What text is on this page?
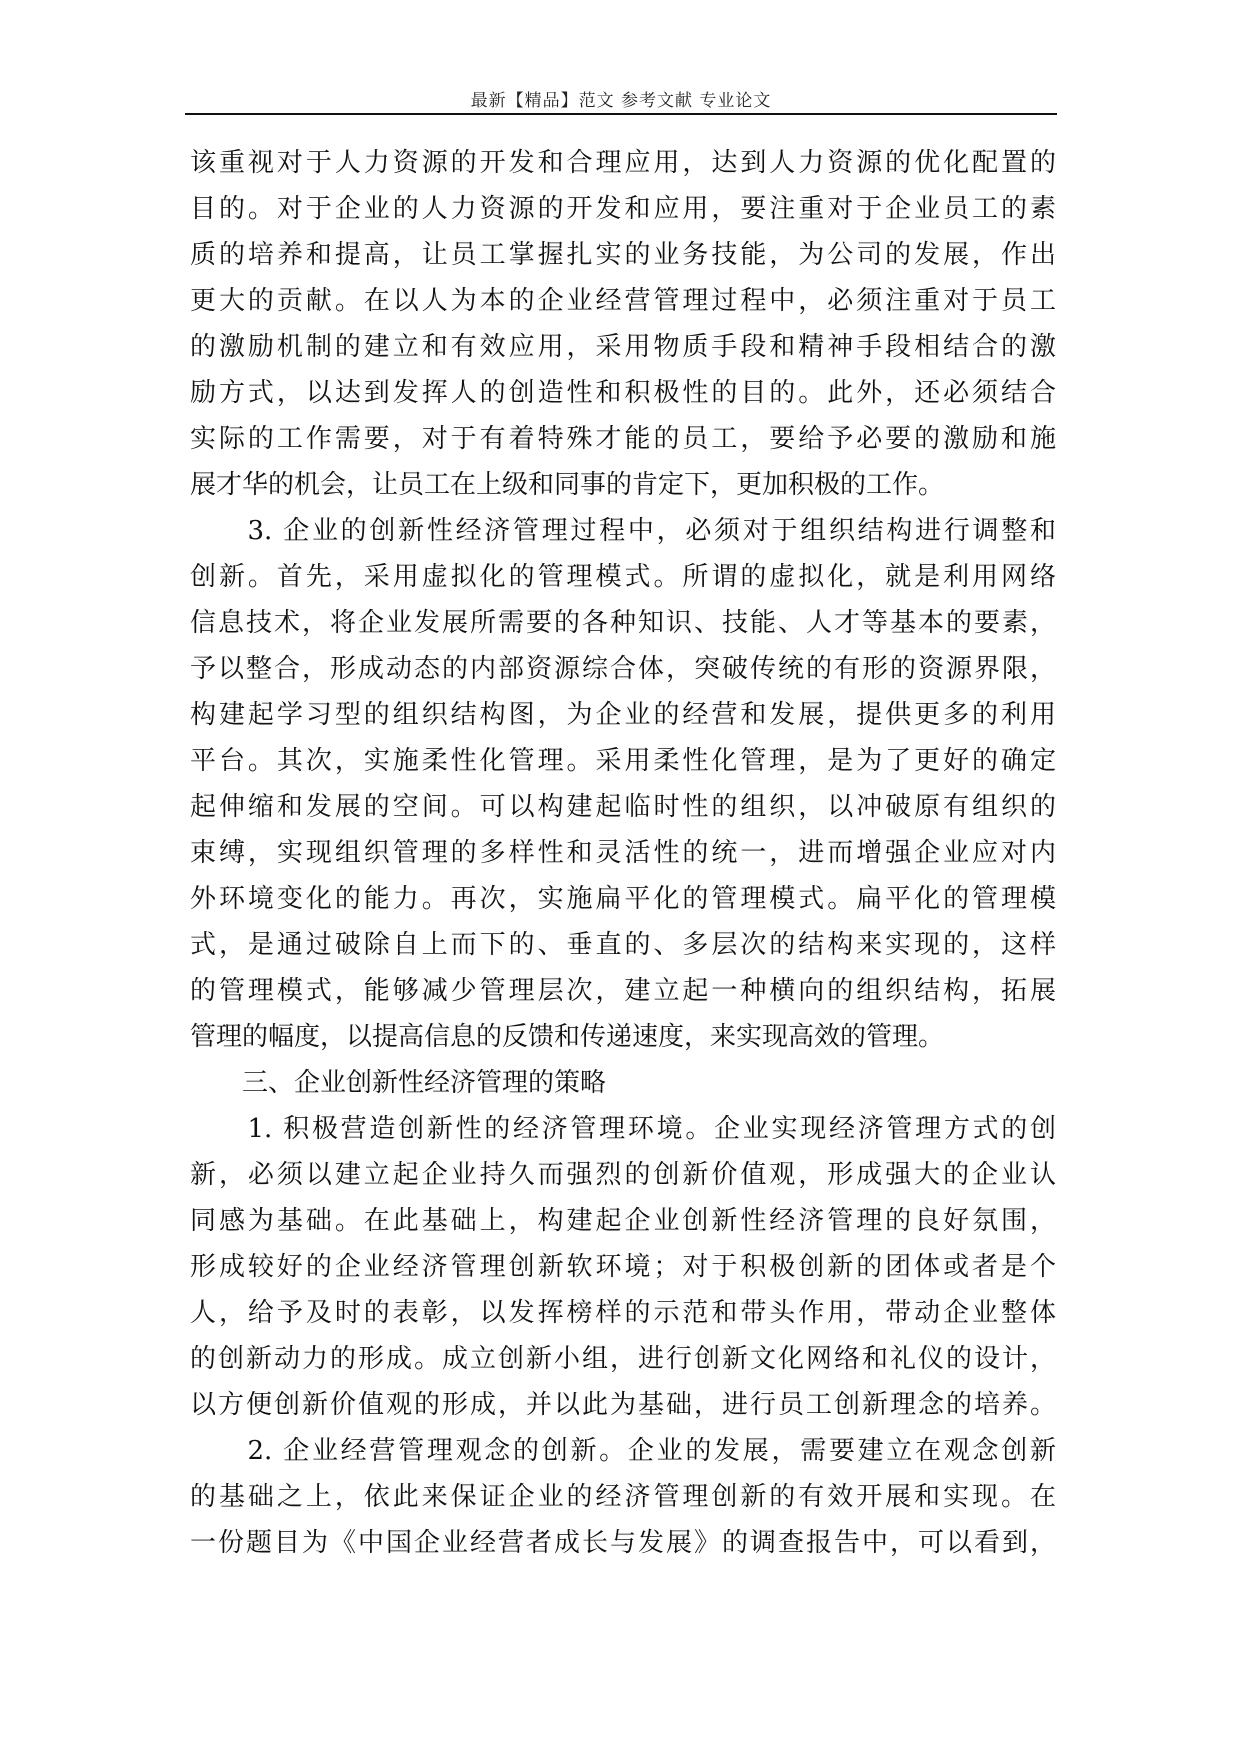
最新【精品】范文 参考文献 专业论文
该重视对于人力资源的开发和合理应用，达到人力资源的优化配置的
目的。对于企业的人力资源的开发和应用，要注重对于企业员工的素
质的培养和提高，让员工掌握扎实的业务技能，为公司的发展，作出
更大的贡献。在以人为本的企业经营管理过程中，必须注重对于员工
的激励机制的建立和有效应用，采用物质手段和精神手段相结合的激
励方式，以达到发挥人的创造性和积极性的目的。此外，还必须结合
实际的工作需要，对于有着特殊才能的员工，要给予必要的激励和施
展才华的机会，让员工在上级和同事的肯定下，更加积极的工作。
　　3. 企业的创新性经济管理过程中，必须对于组织结构进行调整和
创新。首先，采用虚拟化的管理模式。所谓的虚拟化，就是利用网络
信息技术，将企业发展所需要的各种知识、技能、人才等基本的要素，
予以整合，形成动态的内部资源综合体，突破传统的有形的资源界限，
构建起学习型的组织结构图，为企业的经营和发展，提供更多的利用
平台。其次，实施柔性化管理。采用柔性化管理，是为了更好的确定
起伸缩和发展的空间。可以构建起临时性的组织，以冲破原有组织的
束缚，实现组织管理的多样性和灵活性的统一，进而增强企业应对内
外环境变化的能力。再次，实施扁平化的管理模式。扁平化的管理模
式，是通过破除自上而下的、垂直的、多层次的结构来实现的，这样
的管理模式，能够减少管理层次，建立起一种横向的组织结构，拓展
管理的幅度，以提高信息的反馈和传递速度，来实现高效的管理。
　　三、企业创新性经济管理的策略
　　1. 积极营造创新性的经济管理环境。企业实现经济管理方式的创
新，必须以建立起企业持久而强烈的创新价值观，形成强大的企业认
同感为基础。在此基础上，构建起企业创新性经济管理的良好氛围，
形成较好的企业经济管理创新软环境；对于积极创新的团体或者是个
人，给予及时的表彰，以发挥榜样的示范和带头作用，带动企业整体
的创新动力的形成。成立创新小组，进行创新文化网络和礼仪的设计，
以方便创新价值观的形成，并以此为基础，进行员工创新理念的培养。
　　2. 企业经营管理观念的创新。企业的发展，需要建立在观念创新
的基础之上，依此来保证企业的经济管理创新的有效开展和实现。在
一份题目为《中国企业经营者成长与发展》的调查报告中，可以看到，
